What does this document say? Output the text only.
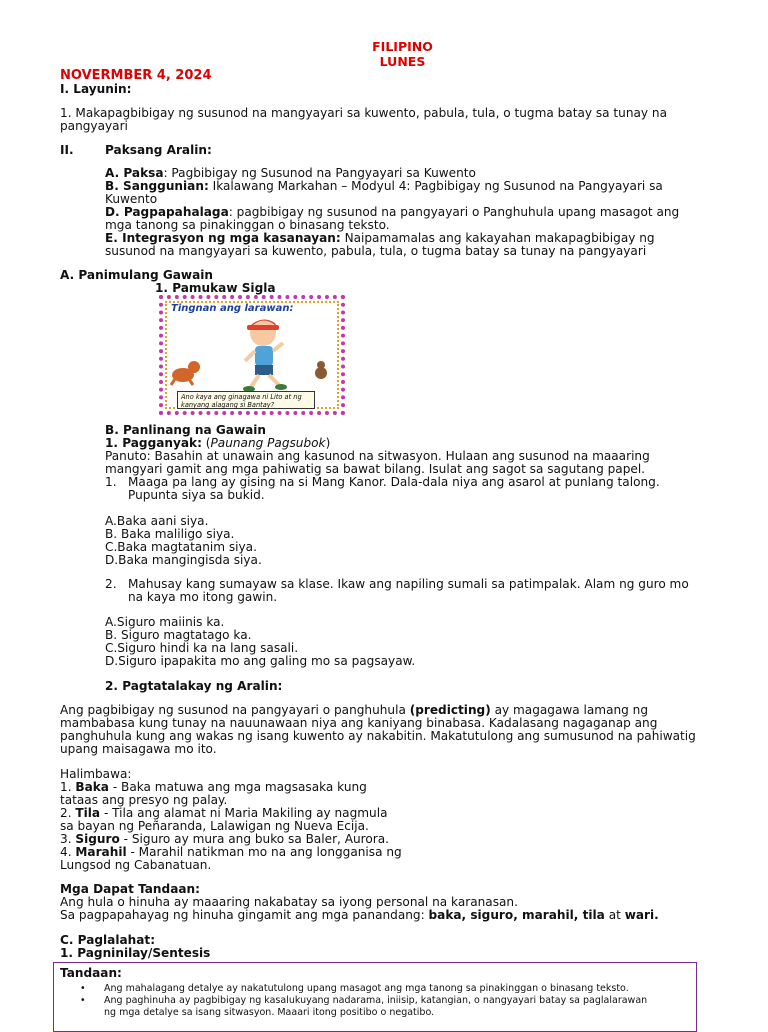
FILIPINO
LUNES
NOVERMBER 4, 2024
I. Layunin:
1. Makapagbibigay ng susunod na mangyayari sa kuwento, pabula, tula, o tugma batay sa tunay na
pangyayari
II.	Paksang Aralin:
A. Paksa: Pagbibigay ng Susunod na Pangyayari sa Kuwento
B. Sanggunian: Ikalawang Markahan – Modyul 4: Pagbibigay ng Susunod na Pangyayari sa
Kuwento
D. Pagpapahalaga: pagbibigay ng susunod na pangyayari o Panghuhula upang masagot ang
mga tanong sa pinakinggan o binasang teksto.
E. Integrasyon ng mga kasanayan: Naipamamalas ang kakayahan makapagbibigay ng
susunod na mangyayari sa kuwento, pabula, tula, o tugma batay sa tunay na pangyayari
A. Panimulang Gawain
1. Pamukaw Sigla
Tingnan ang larawan:
Ano kaya ang ginagawa ni Lito at ng kanyang alagang si Bantay?
B. Panlinang na Gawain
1. Pagganyak: (Paunang Pagsubok)
Panuto: Basahin at unawain ang kasunod na sitwasyon. Hulaan ang susunod na maaaring
mangyari gamit ang mga pahiwatig sa bawat bilang. Isulat ang sagot sa sagutang papel.
1. Maaga pa lang ay gising na si Mang Kanor. Dala-dala niya ang asarol at punlang talong.
Pupunta siya sa bukid.
A.Baka aani siya.
B. Baka maliligo siya.
C.Baka magtatanim siya.
D.Baka mangingisda siya.
2. Mahusay kang sumayaw sa klase. Ikaw ang napiling sumali sa patimpalak. Alam ng guro mo
na kaya mo itong gawin.
A.Siguro maiinis ka.
B. Siguro magtatago ka.
C.Siguro hindi ka na lang sasali.
D.Siguro ipapakita mo ang galing mo sa pagsayaw.
2. Pagtatalakay ng Aralin:
Ang pagbibigay ng susunod na pangyayari o panghuhula (predicting) ay magagawa lamang ng
mambabasa kung tunay na nauunawaan niya ang kaniyang binabasa. Kadalasang nagaganap ang
panghuhula kung ang wakas ng isang kuwento ay nakabitin. Makatutulong ang sumusunod na pahiwatig
upang maisagawa mo ito.
Halimbawa:
1. Baka - Baka matuwa ang mga magsasaka kung
tataas ang presyo ng palay.
2. Tila - Tila ang alamat ni Maria Makiling ay nagmula
sa bayan ng Peñaranda, Lalawigan ng Nueva Ecija.
3. Siguro - Siguro ay mura ang buko sa Baler, Aurora.
4. Marahil - Marahil natikman mo na ang longganisa ng
Lungsod ng Cabanatuan.
Mga Dapat Tandaan:
Ang hula o hinuha ay maaaring nakabatay sa iyong personal na karanasan.
Sa pagpapahayag ng hinuha gingamit ang mga panandang: baka, siguro, marahil, tila at wari.
C. Paglalahat:
1. Pagninilay/Sentesis
Tandaan:
• Ang mahalagang detalye ay nakatutulong upang masagot ang mga tanong sa pinakinggan o binasang teksto.
• Ang paghinuha ay pagbibigay ng kasalukuyang nadarama, iniisip, katangian, o nangyayari batay sa paglalarawan
ng mga detalye sa isang sitwasyon. Maaari itong positibo o negatibo.
